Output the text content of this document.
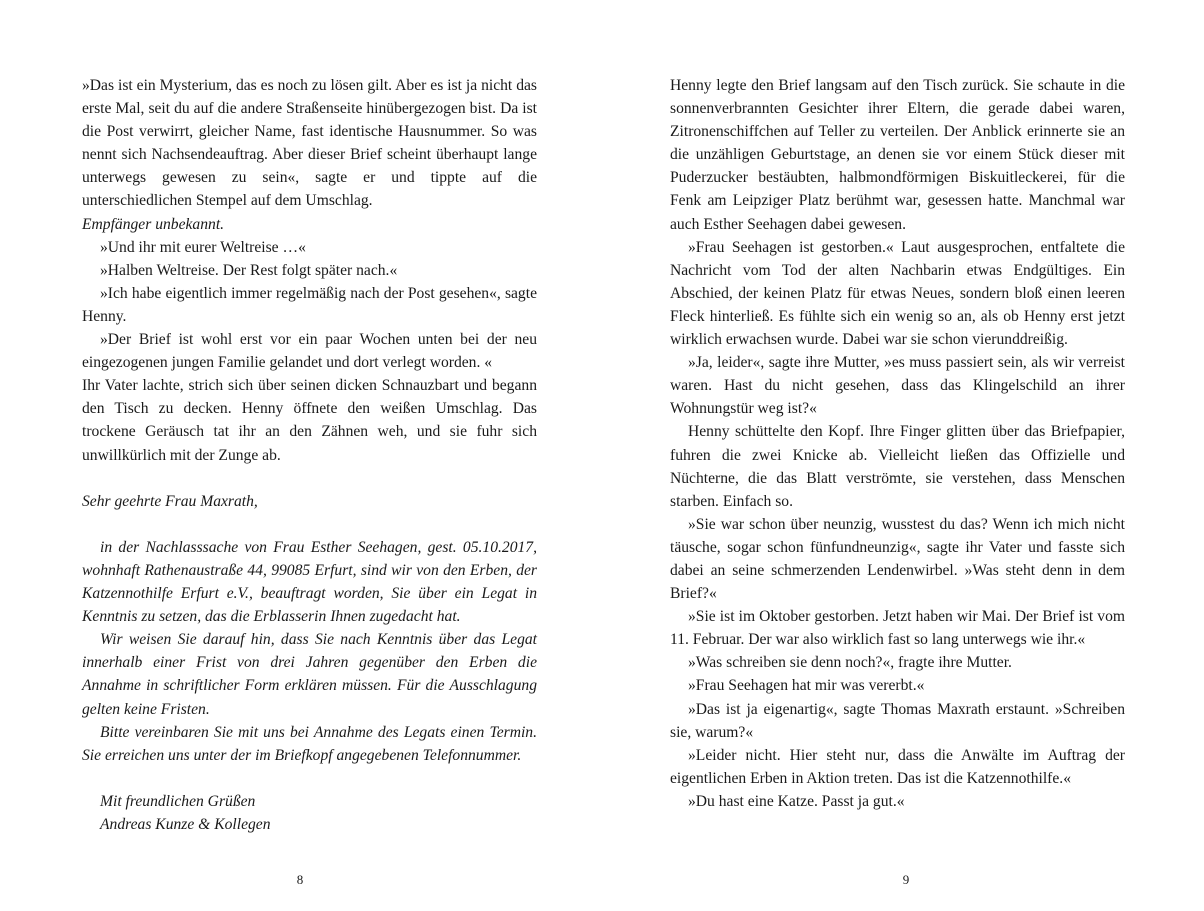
»Das ist ein Mysterium, das es noch zu lösen gilt. Aber es ist ja nicht das erste Mal, seit du auf die andere Straßenseite hinübergezogen bist. Da ist die Post verwirrt, gleicher Name, fast identische Hausnummer. So was nennt sich Nachsendeauftrag. Aber dieser Brief scheint überhaupt lange unterwegs gewesen zu sein«, sagte er und tippte auf die unterschiedlichen Stempel auf dem Umschlag.

Empfänger unbekannt.

»Und ihr mit eurer Weltreise …«

»Halben Weltreise. Der Rest folgt später nach.«

»Ich habe eigentlich immer regelmäßig nach der Post gesehen«, sagte Henny.

»Der Brief ist wohl erst vor ein paar Wochen unten bei der neu eingezogenen jungen Familie gelandet und dort verlegt worden. «

Ihr Vater lachte, strich sich über seinen dicken Schnauzbart und begann den Tisch zu decken. Henny öffnete den weißen Umschlag. Das trockene Geräusch tat ihr an den Zähnen weh, und sie fuhr sich unwillkürlich mit der Zunge ab.

Sehr geehrte Frau Maxrath,

in der Nachlasssache von Frau Esther Seehagen, gest. 05.10.2017, wohnhaft Rathenaustraße 44, 99085 Erfurt, sind wir von den Erben, der Katzennothilfe Erfurt e.V., beauftragt worden, Sie über ein Legat in Kenntnis zu setzen, das die Erblasserin Ihnen zugedacht hat.

Wir weisen Sie darauf hin, dass Sie nach Kenntnis über das Legat innerhalb einer Frist von drei Jahren gegenüber den Erben die Annahme in schriftlicher Form erklären müssen. Für die Ausschlagung gelten keine Fristen.

Bitte vereinbaren Sie mit uns bei Annahme des Legats einen Termin. Sie erreichen uns unter der im Briefkopf angegebenen Telefonnummer.

Mit freundlichen Grüßen

Andreas Kunze & Kollegen

8

Henny legte den Brief langsam auf den Tisch zurück. Sie schaute in die sonnenverbrannten Gesichter ihrer Eltern, die gerade dabei waren, Zitronenschiffchen auf Teller zu verteilen. Der Anblick erinnerte sie an die unzähligen Geburtstage, an denen sie vor einem Stück dieser mit Puderzucker bestäubten, halbmondförmigen Biskuitleckerei, für die Fenk am Leipziger Platz berühmt war, gesessen hatte. Manchmal war auch Esther Seehagen dabei gewesen.

»Frau Seehagen ist gestorben.« Laut ausgesprochen, entfaltete die Nachricht vom Tod der alten Nachbarin etwas Endgültiges. Ein Abschied, der keinen Platz für etwas Neues, sondern bloß einen leeren Fleck hinterließ. Es fühlte sich ein wenig so an, als ob Henny erst jetzt wirklich erwachsen wurde. Dabei war sie schon vierunddreißig.

»Ja, leider«, sagte ihre Mutter, »es muss passiert sein, als wir verreist waren. Hast du nicht gesehen, dass das Klingelschild an ihrer Wohnungstür weg ist?«

Henny schüttelte den Kopf. Ihre Finger glitten über das Briefpapier, fuhren die zwei Knicke ab. Vielleicht ließen das Offizielle und Nüchterne, die das Blatt verströmte, sie verstehen, dass Menschen starben. Einfach so.

»Sie war schon über neunzig, wusstest du das? Wenn ich mich nicht täusche, sogar schon fünfundneunzig«, sagte ihr Vater und fasste sich dabei an seine schmerzenden Lendenwirbel. »Was steht denn in dem Brief?«

»Sie ist im Oktober gestorben. Jetzt haben wir Mai. Der Brief ist vom 11. Februar. Der war also wirklich fast so lang unterwegs wie ihr.«

»Was schreiben sie denn noch?«, fragte ihre Mutter.

»Frau Seehagen hat mir was vererbt.«

»Das ist ja eigenartig«, sagte Thomas Maxrath erstaunt. »Schreiben sie, warum?«

»Leider nicht. Hier steht nur, dass die Anwälte im Auftrag der eigentlichen Erben in Aktion treten. Das ist die Katzennothilfe.«

»Du hast eine Katze. Passt ja gut.«

9
